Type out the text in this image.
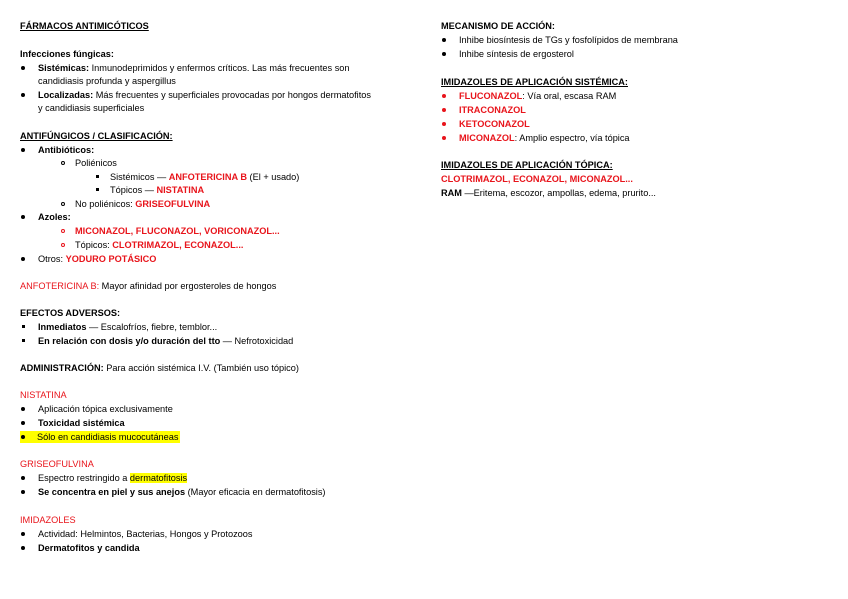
FÁRMACOS ANTIMICÓTICOS
Infecciones fúngicas:
Sistémicas: Inmunodeprimidos y enfermos críticos. Las más frecuentes son
candidiasis profunda y aspergillus
Localizadas: Más frecuentes y superficiales provocadas por hongos dermatofitos
y candidiasis superficiales
ANTIFÚNGICOS / CLASIFICACIÓN:
Antibióticos:
Poliénicos
Sistémicos — ANFOTERICINA B (El + usado)
Tópicos — NISTATINA
No poliénicos: GRISEOFULVINA
Azoles:
MICONAZOL, FLUCONAZOL, VORICONAZOL...
Tópicos: CLOTRIMAZOL, ECONAZOL...
Otros: YODURO POTÁSICO
ANFOTERICINA B: Mayor afinidad por ergosteroles de hongos
EFECTOS ADVERSOS:
Inmediatos — Escalofríos, fiebre, temblor...
En relación con dosis y/o duración del tto — Nefrotoxicidad
ADMINISTRACIÓN: Para acción sistémica I.V. (También uso tópico)
NISTATINA
Aplicación tópica exclusivamente
Toxicidad sistémica
Sólo en candidiasis mucocutáneas
GRISEOFULVINA
Espectro restringido a dermatofitosis
Se concentra en piel y sus anejos (Mayor eficacia en dermatofitosis)
IMIDAZOLES
Actividad: Helmintos, Bacterias, Hongos y Protozoos
Dermatofitos y candida
MECANISMO DE ACCIÓN:
Inhibe biosíntesis de TGs y fosfolípidos de membrana
Inhibe síntesis de ergosterol
IMIDAZOLES DE APLICACIÓN SISTÉMICA:
FLUCONAZOL: Vía oral, escasa RAM
ITRACONAZOL
KETOCONAZOL
MICONAZOL: Amplio espectro, vía tópica
IMIDAZOLES DE APLICACIÓN TÓPICA:
CLOTRIMAZOL, ECONAZOL, MICONAZOL...
RAM —Eritema, escozor, ampollas, edema, prurito...
